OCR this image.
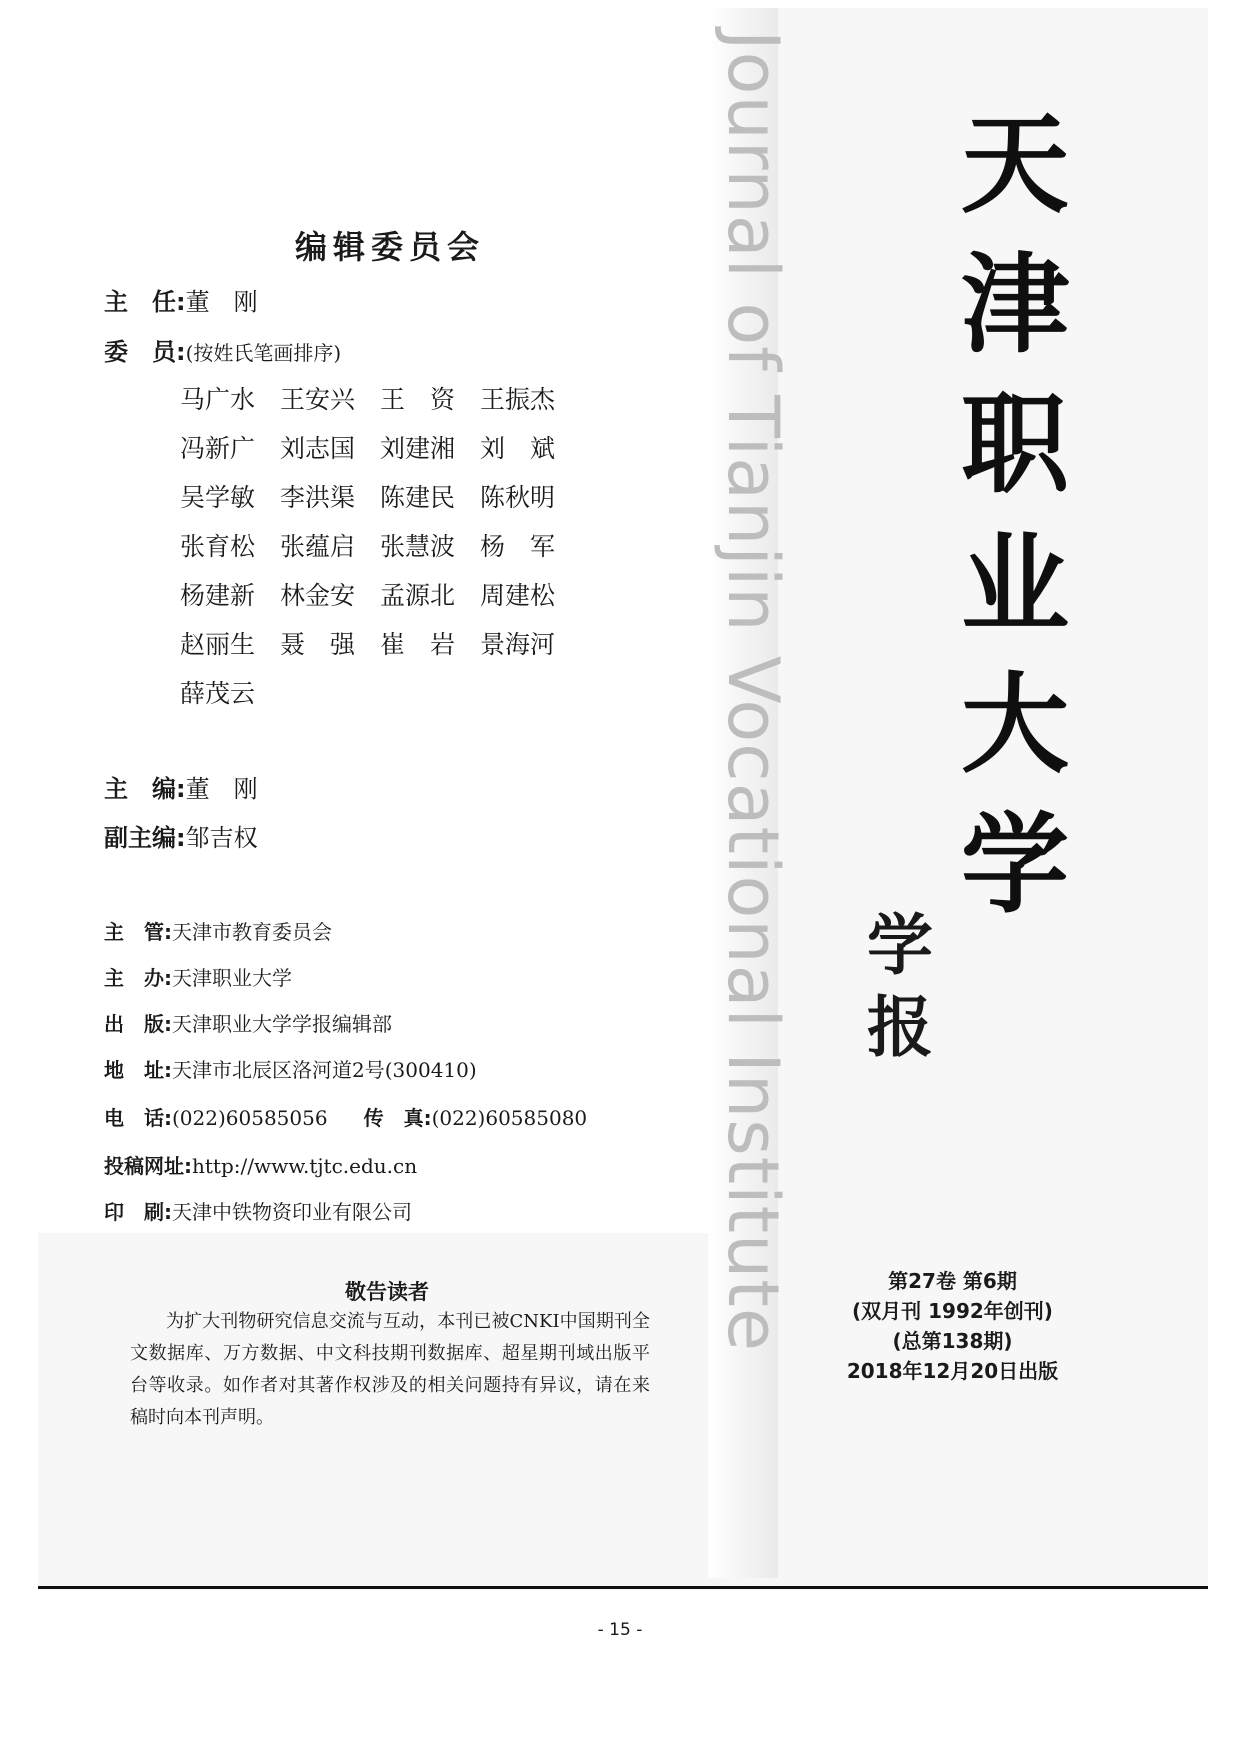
Journal of Tianjin Vocational Institute
编辑委员会
主　任:董　刚
委　员:(按姓氏笔画排序)
马广水 王安兴 王　资 王振杰
冯新广 刘志国 刘建湘 刘　斌
吴学敏 李洪渠 陈建民 陈秋明
张育松 张蕴启 张慧波 杨　军
杨建新 林金安 孟源北 周建松
赵丽生 聂　强 崔　岩 景海河
薛茂云
主　编:董　刚
副主编:邹吉权
主　管:天津市教育委员会
主　办:天津职业大学
出　版:天津职业大学学报编辑部
地　址:天津市北辰区洛河道2号(300410)
电　话:(022)60585056 传　真:(022)60585080
投稿网址:http://www.tjtc.edu.cn
印　刷:天津中铁物资印业有限公司
敬告读者
为扩大刊物研究信息交流与互动，本刊已被CNKI中国期刊全文数据库、万方数据、中文科技期刊数据库、超星期刊域出版平台等收录。如作者对其著作权涉及的相关问题持有异议，请在来稿时向本刊声明。
天
津
职
业
大
学
学
报
第27卷 第6期
(双月刊 1992年创刊)
(总第138期)
2018年12月20日出版
- 15 -
